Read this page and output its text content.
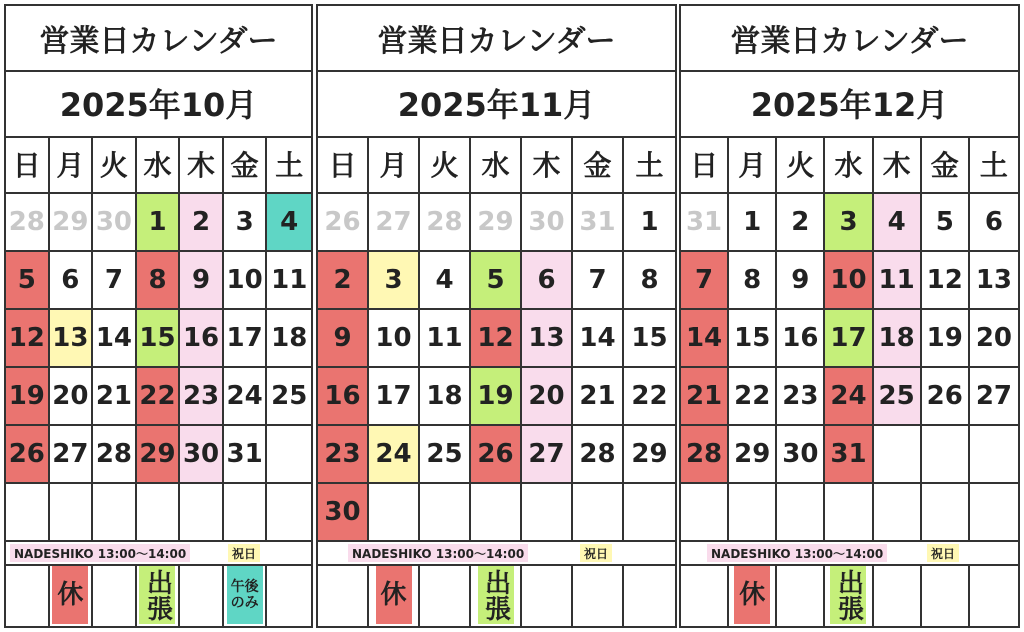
営業日カレンダー
2025年10月
日 月 火 水 木 金 土
28 29 30 1 2 3	4
5 6 7 8 9 10 11
12 13 14 15 16 17 18
19 20 21 22 23 24 25
26 27 28 29 30 31
NADESHIKO 13:00〜14:00	祝日
休 出張	午後のみ
営業日カレンダー
2025年11月
日 月 火 水 木 金 土
26 27 28 29 30 31 1
2	3	4	5	6	7	8
9 10 11 12 13 14 15
16 17 18 19 20 21 22
23 24 25 26 27 28 29
30
NADESHIKO 13:00〜14:00	祝日
休	出張
営業日カレンダー
2025年12月
日 月 火 水 木 金 土
31 1	2	3	4	5	6
7	8	9 10 11 12 13
14 15 16 17 18 19 20
21 22 23 24 25 26 27
28 29 30 31
NADESHIKO 13:00〜14:00	祝日
休	出張
